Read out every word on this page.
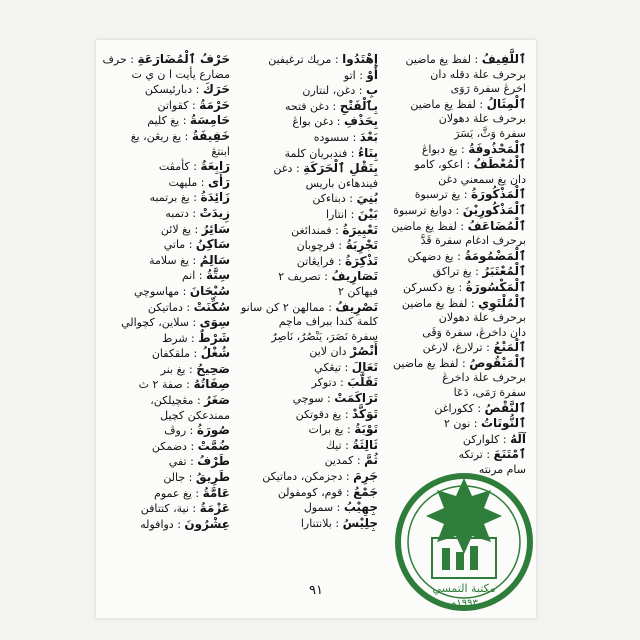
ٱللَّفِيفُ : لفظ يغ ماضين
برحرف علة دقله دان
اخرڠ سفرة رَوَى
ٱلْمِثَالُ : لفظ يغ ماضين
برحرف علة دهولان
سفرة وَثَّ، يَسَرَ
ٱلْمَحْذُوفَةُ : يغ دبواڠ
ٱلْمُعْطَفُ : اعكو، كامو
دان يغ سمعني دغن
ٱلْمَذْكُورَةُ : يغ ترسبوة
ٱلْمَذْكُورِيْنَ : دوايغ ترسبوة
ٱلْمُضَاعَفُ : لفظ يغ ماضين
برحرف ادغام سفرة قَدَّ
ٱلْمَضْمُومَةُ : يغ دضهكن
ٱلْمُعْتَبَرُ : يغ تراكق
ٱلْمَكْسُورَةُ : يغ دكسركن
ٱلْمُلْتَوِي : لفظ يغ ماضين
برحرف علة دهولان
دان داخرڠ، سفرة وَقَى
ٱلْمَنْعُ : ترلارغ، لارغن
ٱلْمَنْقُوصُ : لفظ يغ ماضين
برحرف علة داخرڠ
سفرة رَمَى، دَعَا
ٱلنَّقْصُ : ككوراغن
ٱلنُّونَاتُ : نون ٢
آلَهُ : كلواركن
ٱمْتَنَعَ : ترتكه
سام مرنته
إِهْتَدُوا : مريك ترغيفين
أَوْ : اتو
بِ : دغن، لنتارن
بِٱلْفَتْحِ : دغن فتحه
بِحَذْفِ : دغن بواڠ
بَعْدَ : سسوده
بِنَاءُ : فندبريان كلمة
بِنَقْلِ ٱلْحَرَكَةِ : دغن
فيندهاءن باريس
بُنِيَ : دبناءكن
بَيْنَ : انتارا
تَعْبِيرَةُ : فمندائغن
تَجْرِبَةُ : فرچوبان
تَذْكِرَةُ : فرايڠاتن
تَصَارِيفُ : تصريف ٢
فيهاكن ٢
تَصْرِيفُ : ممالهن ٢ كن سانو
كلمة كندا ببراف ماچم
سفرة نَصَرَ، يَنْصُرُ، نَاصِرٌ
أَنْصُرْ دان لاين
تَعَالَ : تيڠكي
تَقَلَّبَ : دتوكر
تَرَاكَمَتْ : سوچي
تَوَكَّدْ : يغ دقوتكن
تَوْبَةُ : يغ برات
ثَالِثَةُ : تيڬ
ثُمَّ : كمدين
جَرِمَ : دجزمكن، دماتيكن
جَمْعُ : قوم، كومفولن
جِهِيْبُ : سمول
جِلِيْسُ : بلانتنارا
حَرْفُ ٱلْمُضَارَعَةِ : حرف
مضارع يأيت ا ن ي ت
حَرَكَ : دبارئيسكن
حَرْمَةُ : كقواتن
حَامِسَةُ : يغ كليم
خَفِيفَةُ : يغ ريڠن، يغ
ابنتڠ
رَابِعَةُ : كأمڤت
رَأَى : مليهت
زَائِدَةُ : يغ برتمبه
زِيدَتْ : دتمبه
سَائِرُ : يغ لائن
سَاكِنُ : ماتي
سَالِمُ : يغ سلامة
سِتَّةُ : انم
سُبْحَانَ : مهاسوچي
سُكِّنَتْ : دماتيكن
سِوَى : سلاين، كچوالي
شَرْطٌ : شرط
شُغْلُ : ملقكفان
صَحِيحُ : يغ بنر
صِفَاتُهُ : صفة ٢ ث
صَغَرُ : مڠچيلكن،
ممندعكن كچيل
صُورَةُ : روڤ
ضُمَّتْ : دضمكن
طَرْفُ : تفي
طَرِيقُ : جالن
عَامَّةُ : يغ عموم
عَزْمَةُ : نية، كتتافن
عِشْرُونَ : دوافوله
٩١	مكتبة التمسي
١٩٩٣م
